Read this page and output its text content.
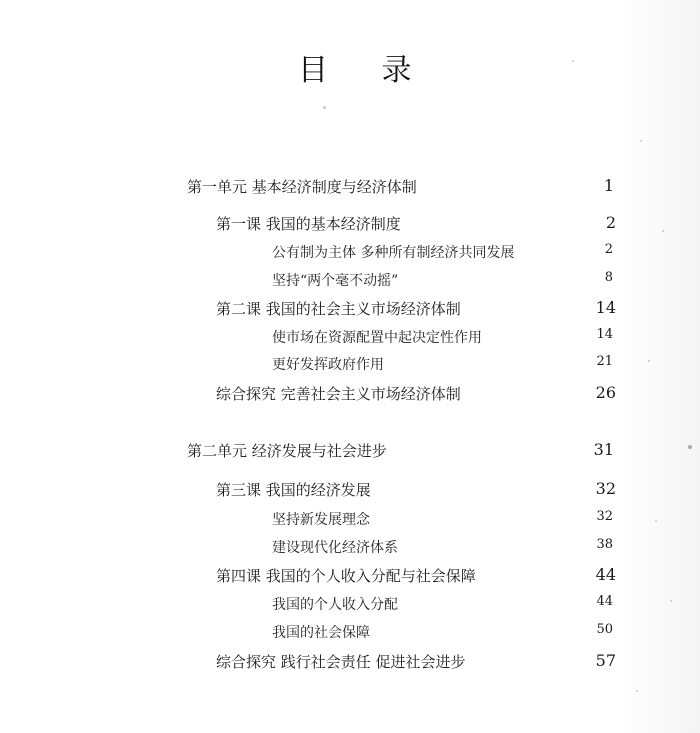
目 录
第一单元 基本经济制度与经济体制	1
第一课 我国的基本经济制度	2
公有制为主体 多种所有制经济共同发展	2
坚持“两个毫不动摇”	8
第二课 我国的社会主义市场经济体制	14
使市场在资源配置中起决定性作用	14
更好发挥政府作用	21
综合探究 完善社会主义市场经济体制	26
第二单元 经济发展与社会进步	31
第三课 我国的经济发展	32
坚持新发展理念	32
建设现代化经济体系	38
第四课 我国的个人收入分配与社会保障	44
我国的个人收入分配	44
我国的社会保障	50
综合探究 践行社会责任 促进社会进步	57
